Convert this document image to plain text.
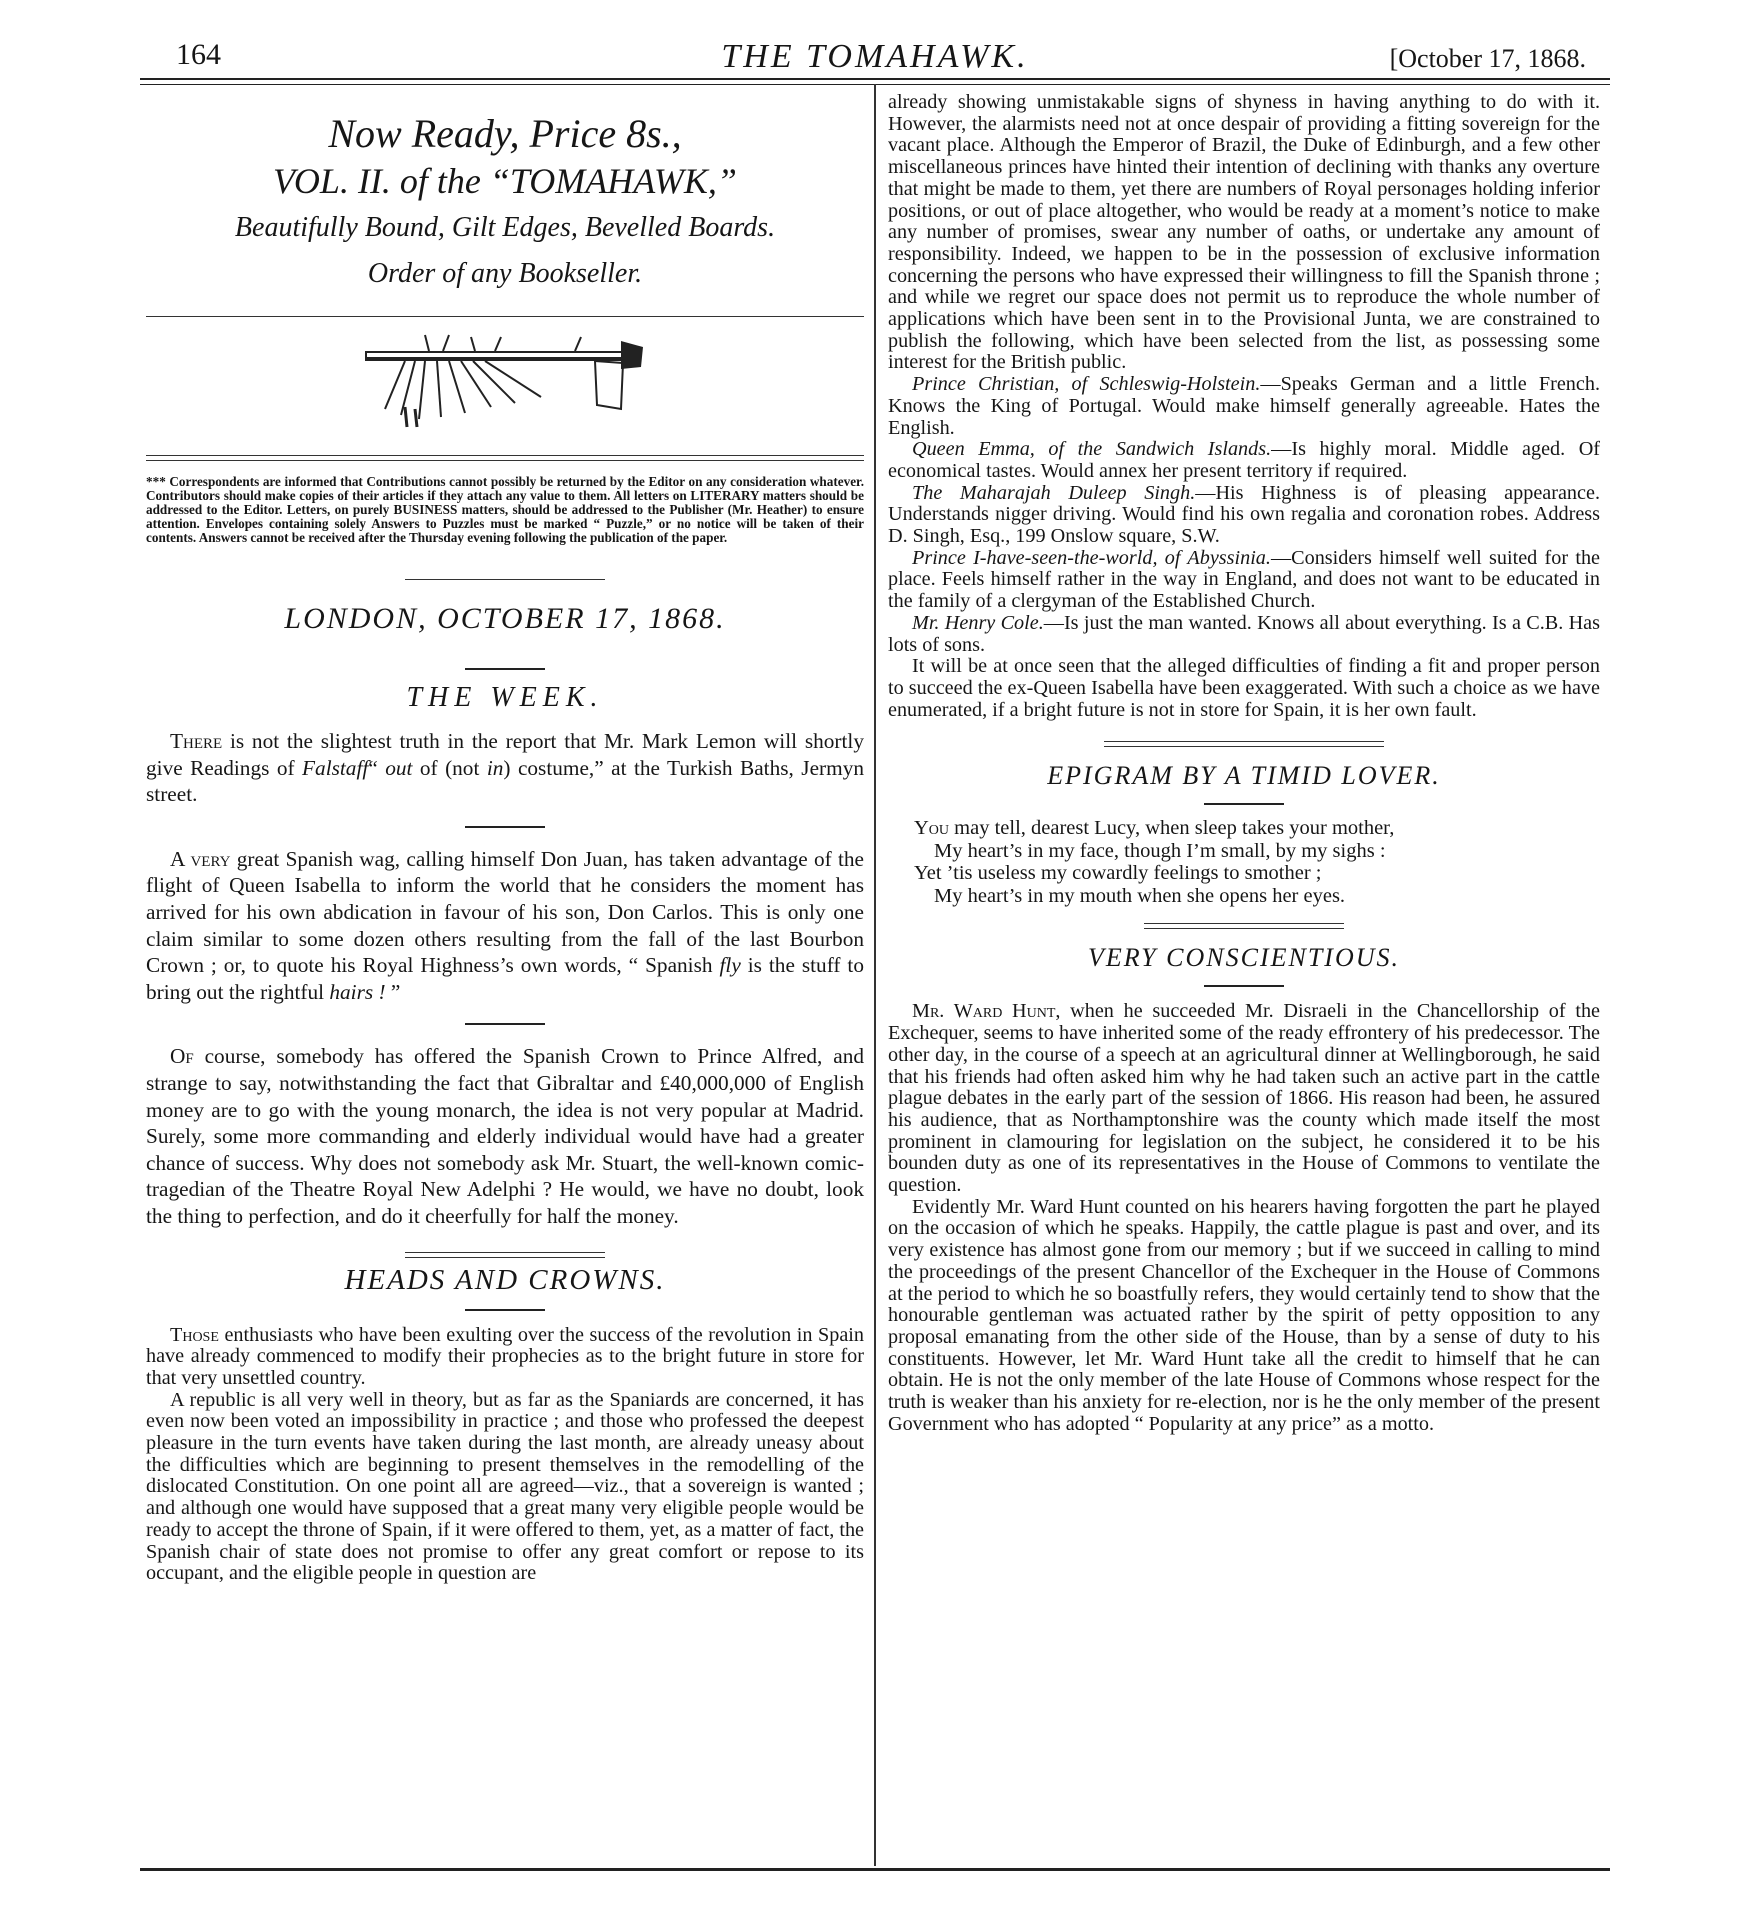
164	THE TOMAHAWK.	[October 17, 1868.
Now Ready, Price 8s.,
VOL. II. of the “TOMAHAWK,”
Beautifully Bound, Gilt Edges, Bevelled Boards.
Order of any Bookseller.

*** Correspondents are informed that Contributions cannot possibly be returned by the Editor on any consideration whatever. Contributors should make copies of their articles if they attach any value to them. All letters on LITERARY matters should be addressed to the Editor. Letters, on purely BUSINESS matters, should be addressed to the Publisher (Mr. Heather) to ensure attention. Envelopes containing solely Answers to Puzzles must be marked “ Puzzle,” or no notice will be taken of their contents. Answers cannot be received after the Thursday evening following the publication of the paper.

LONDON, OCTOBER 17, 1868.
THE WEEK.

There is not the slightest truth in the report that Mr. Mark Lemon will shortly give Readings of Falstaff“ out of (not in) costume,” at the Turkish Baths, Jermyn street.

A very great Spanish wag, calling himself Don Juan, has taken advantage of the flight of Queen Isabella to inform the world that he considers the moment has arrived for his own abdication in favour of his son, Don Carlos. This is only one claim similar to some dozen others resulting from the fall of the last Bourbon Crown ; or, to quote his Royal Highness’s own words, “ Spanish fly is the stuff to bring out the rightful hairs ! ”

Of course, somebody has offered the Spanish Crown to Prince Alfred, and strange to say, notwithstanding the fact that Gibraltar and £40,000,000 of English money are to go with the young monarch, the idea is not very popular at Madrid. Surely, some more commanding and elderly individual would have had a greater chance of success. Why does not somebody ask Mr. Stuart, the well-known comic-tragedian of the Theatre Royal New Adelphi ? He would, we have no doubt, look the thing to perfection, and do it cheerfully for half the money.

HEADS AND CROWNS.

Those enthusiasts who have been exulting over the success of the revolution in Spain have already commenced to modify their prophecies as to the bright future in store for that very unsettled country.

A republic is all very well in theory, but as far as the Spaniards are concerned, it has even now been voted an impossibility in practice ; and those who professed the deepest pleasure in the turn events have taken during the last month, are already uneasy about the difficulties which are beginning to present themselves in the remodelling of the dislocated Constitution. On one point all are agreed—viz., that a sovereign is wanted ; and although one would have supposed that a great many very eligible people would be ready to accept the throne of Spain, if it were offered to them, yet, as a matter of fact, the Spanish chair of state does not promise to offer any great comfort or repose to its occupant, and the eligible people in question are

already showing unmistakable signs of shyness in having anything to do with it. However, the alarmists need not at once despair of providing a fitting sovereign for the vacant place. Although the Emperor of Brazil, the Duke of Edinburgh, and a few other miscellaneous princes have hinted their intention of declining with thanks any overture that might be made to them, yet there are numbers of Royal personages holding inferior positions, or out of place altogether, who would be ready at a moment’s notice to make any number of promises, swear any number of oaths, or undertake any amount of responsibility. Indeed, we happen to be in the possession of exclusive information concerning the persons who have expressed their willingness to fill the Spanish throne ; and while we regret our space does not permit us to reproduce the whole number of applications which have been sent in to the Provisional Junta, we are constrained to publish the following, which have been selected from the list, as possessing some interest for the British public.

Prince Christian, of Schleswig-Holstein.—Speaks German and a little French. Knows the King of Portugal. Would make himself generally agreeable. Hates the English.

Queen Emma, of the Sandwich Islands.—Is highly moral. Middle aged. Of economical tastes. Would annex her present territory if required.

The Maharajah Duleep Singh.—His Highness is of pleasing appearance. Understands nigger driving. Would find his own regalia and coronation robes. Address D. Singh, Esq., 199 Onslow square, S.W.

Prince I-have-seen-the-world, of Abyssinia.—Considers himself well suited for the place. Feels himself rather in the way in England, and does not want to be educated in the family of a clergyman of the Established Church.

Mr. Henry Cole.—Is just the man wanted. Knows all about everything. Is a C.B. Has lots of sons.

It will be at once seen that the alleged difficulties of finding a fit and proper person to succeed the ex-Queen Isabella have been exaggerated. With such a choice as we have enumerated, if a bright future is not in store for Spain, it is her own fault.

EPIGRAM BY A TIMID LOVER.

You may tell, dearest Lucy, when sleep takes your mother,

My heart’s in my face, though I’m small, by my sighs :

Yet ’tis useless my cowardly feelings to smother ;

My heart’s in my mouth when she opens her eyes.

VERY CONSCIENTIOUS.

Mr. Ward Hunt, when he succeeded Mr. Disraeli in the Chancellorship of the Exchequer, seems to have inherited some of the ready effrontery of his predecessor. The other day, in the course of a speech at an agricultural dinner at Wellingborough, he said that his friends had often asked him why he had taken such an active part in the cattle plague debates in the early part of the session of 1866. His reason had been, he assured his audience, that as Northamptonshire was the county which made itself the most prominent in clamouring for legislation on the subject, he considered it to be his bounden duty as one of its representatives in the House of Commons to ventilate the question.

Evidently Mr. Ward Hunt counted on his hearers having forgotten the part he played on the occasion of which he speaks. Happily, the cattle plague is past and over, and its very existence has almost gone from our memory ; but if we succeed in calling to mind the proceedings of the present Chancellor of the Exchequer in the House of Commons at the period to which he so boastfully refers, they would certainly tend to show that the honourable gentleman was actuated rather by the spirit of petty opposition to any proposal emanating from the other side of the House, than by a sense of duty to his constituents. However, let Mr. Ward Hunt take all the credit to himself that he can obtain. He is not the only member of the late House of Commons whose respect for the truth is weaker than his anxiety for re-election, nor is he the only member of the present Government who has adopted “ Popularity at any price” as a motto.
